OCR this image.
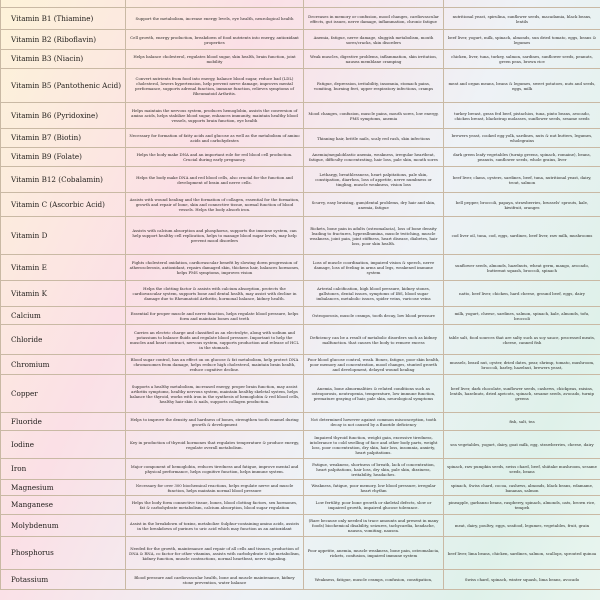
Vitamin B1 (Thiamine)	Support the metabolism, increase energy levels, eye health, neurological health	Decreases in memory or confusion, mood changes, cardiovascular effects, gut issues, nerve damage, inflammation, chronic fatigue	nutritional yeast, spirulina, sunflower seeds, macadamia, black beans, lentils
Vitamin B2 (Riboflavin)	Cell growth, energy production, breakdown of food nutrients into energy, antioxidant properties	Anemia, fatigue, nerve damage, sluggish metabolism, mouth sores/cracks, skin disorders	beef liver, yogurt, milk, spinach, almonds, sun dried tomato, eggs, beans & legumes
Vitamin B3 (Niacin)	Helps balance cholesterol, regulates blood sugar, skin health, brain function, joint mobility	Weak muscles, digestive problems, inflammation, skin irritation, nausea memblane cramping	chicken, liver, tuna, turkey, salmon, sardines, sunflower seeds, peanuts, green peas, brown rice
Vitamin B5 (Pantothenic Acid)	Convert nutrients from food into energy, balance blood sugar, reduce bad (LDL) cholesterol, lowers hypertension, help prevent nerve damage, improves mental performance, supports adrenal function, immune function, relieves symptoms of Rheumatoid Arthritis.	Fatigue, depression, irritability, insomnia, stomach pains, vomiting, burning feet, upper respiratory infections, cramps	meat and organ means, beans & legumes, sweet potatoes, nuts and seeds, eggs, milk
Vitamin B6 (Pyridoxine)	Helps maintain the nervous system, produces hemoglobin, assists the conversion of amino acids, helps stabilize blood sugar, enhances immunity, maintain healthy blood vessels, supports brain function, eye health	Mood changes, confusion, muscle pains, mouth sores, low energy, PMS symptoms, anemia	turkey breast, grass fed beef, pistachios, tuna, pinto beans, avocado, chicken breast, blackstrap molasses, sunflower seeds, sesame seeds
Vitamin B7 (Biotin)	Necessary for formation of fatty acids and glucose as well as the metabolism of amino acids and carbohydrates	Thinning hair, brittle nails, scaly red rash, skin infections	brewers yeast, cooked egg yolk, sardines, nuts & nut butters, legumes, wholegrains
Vitamin B9 (Folate)	Helps the body make DNA and an important role for red blood cell production. Crucial during early pregnancy.	Anemia/megaloblastic anemia, weakness, irregular heartbeat, fatigue, difficulty concentrating, hair loss, pale skin, mouth sores	dark green leafy vegetables (turnip greens, spinach, romaine), beans, peanuts, sunflower seeds, whole grains, liver
Vitamin B12 (Cobalamin)	Helps the body make DNA and red blood cells, also crucial for the function and development of brain and nerve cells.	Lethargy, breathlessness, heart palpitations, pale skin, constipation, diarrhea, loss of appetite, nerve numbness or tingling, muscle weakness, vision loss	beef liver, clams, oysters, sardines, beef, tuna, nutritional yeast, dairy, trout, salmon
Vitamin C (Ascorbic Acid)	Assists with wound healing and the formation of collagen, essential for the formation, growth and repair of bone, skin and connective tissue, normal function of blood vessels. Helps the body absorb iron.	Scurvy, easy bruising, gum/dental problems, dry hair and skin, anemia, fatigue	bell pepper, broccoli, papaya, strawberries, brussels' sprouts, kale, kiwifruit, oranges
Vitamin D	Assists with calcium absorption and phosphorus, supports the immune system, can help support healthy cell replication, helps to manage blood sugar levels, may help prevent mood disorders	Rickets, bone pain in adults (osteomalacia), loss of bone density leading to fractures, hyperalbumina, muscle twitching, muscle weakness, joint pain, joint stiffness, heart disease, diabetes, hair loss, poor skin health.	cod liver oil, tuna, cod, eggs, sardines, beef liver, raw milk, mushrooms
Vitamin E	Fights cholesterol oxidation, cardiovascular benefit by slowing down progression of atherosclerosis, antioxidant, repairs damaged skin, thickens hair, balances hormones, helps PMS symptoms, improves vision	Loss of muscle coordination, impaired vision & speech, nerve damage, loss of feeling in arms and legs, weakened immune system	sunflower seeds, almonds, hazelnuts, wheat germ, mango, avocado, butternut squash, broccoli, spinach
Vitamin K	Helps the clotting factor & assists with calcium absorption, protects the cardiovascular system, supports bone and dental health, may assist with decline in damage due to Rheumatoid Arthritis, hormonal balance, kidney health.	Arterial calcification, high blood pressure, kidney stones, gallstones, dental issues, symptoms of IBS, blood sugar imbalances, metabolic issues, spider veins, varicose veins	natto, beef liver, chicken, hard cheese, ground beef, eggs, dairy
Calcium	Essential for proper muscle and nerve function, helps regulate blood pressure, helps form and maintain bones and teeth	Osteoporosis, muscle cramps, tooth decay, low blood pressure	milk, yogurt, cheese, sardines, salmon, spinach, kale, almonds, tofu, broccoli
Chloride	Carries an electric charge and classified as an electrolyte, along with sodium and potassium to balance fluids and regulate blood pressure. Important to help the muscles and heart contract, nervous system, supports production and release of HCL in the stomach.	Deficiency can be a result of metabolic disorders such as kidney malfunction. that causes the body to remove excess	table salt, food sources that are salty such as soy sauce, processed meats, cheese, canned fish
Chromium	Blood sugar control, has an effect on on glucose & fat metabolism, help protect DNA chromosomes from damage, helps reduce high cholesterol, maintain brain health, reduce cognitive decline.	Poor blood glucose control, weak. Bones, fatigue, poor skin health, poor memory and concentration, mood changes, stunted growth and development, delayed wound healing	mussels, brazil nut, oyster, dried dates, pear, shrimp, tomato, mushroom, broccoli, barley, hazelnut, brewers yeast,
Copper	Supports a healthy metabolism, increased energy, proper brain function, may assist arthritis symptoms, healthy nervous system, maintain healthy skeletal system, helps balance the thyroid, works with iron in the synthesis of hemoglobin & red blood cells, healthy hair skin & nails, supports collagen production.	Anemia, bone abnormalities & related conditions such as osteoporosis, neutropenia, temperature, low immune function, premature graying of hair, pale skin, neurological symptoms	beef liver, dark chocolate, sunflower seeds, cashews, chickpeas, raisins, lentils, hazelnuts, dried apricots, spinach, sesame seeds, avocado, turnip greens
Fluoride	Helps to improve the density and hardness of bones, strengthen tooth enamel during growth & development	Not determined however against common misconception, tooth decay is not caused by a fluoride deficiency	fish, salt, tea
Iodine	Key in production of thyroid hormones that regulates temperature & produce energy, regulate overall metabolism.	Impaired thyroid function, weight gain, excessive tiredness, intolerance to cold swelling of face and other body parts, weight loss, poor concentration, dry skin, hair loss, insomnia, anxiety, heart palpitations.	sea vegetables, yogurt, dairy, goat milk, egg, strawberries, cheese, dairy
Iron	Major component of hemoglobin, reduces tiredness and fatigue, improve mental and physical performance, helps cognitive function, helps immune system.	Fatigue, weakness, shortness of breath, lack of concentration, heart palpitations, hair loss, dry skin, pale skin, dizziness, irritability, headaches.	spinach, raw pumpkin seeds, swiss chard, beef, shiitake mushroom, sesame seeds, beans
Magnesium	Necessary for over 300 biochemical reactions, helps regulate nerve and muscle function, helps maintain normal blood pressure	Weakness, fatigue, poor memory, low blood pressure, irregular heart rhythm	spinach, Swiss chard, cocoa, cashews, almonds, black beans, edamame, bananas, salmon
Manganese	Helps the body form connective tissue, bones, blood clotting factors, sex hormones, fat & carbohydrate metabolism, calcium absorption, blood sugar regulation	Low fertility, poor bone growth or skeletal defects, slow or impaired growth, impaired glucose tolerance.	pineapple, garbanzo beans, raspberry, spinach, almonds, oats, brown rice, tempeh
Molybdenum	Assist in the breakdown of toxins, metabolize Sulphur-containing amino acids, assists in the breakdown of purines to uric acid which may function as an antioxidant	(Rare because only needed in trace amounts and present in many foods) biochemical disability, seizures, tachycardia, headache, nausea, vomiting, nausea.	meat, dairy, poultry, eggs, seafood, legumes, vegetables, fruit, grain
Phosphorus	Needed for the growth, maintenance and repair of all cells and tissues, production of DNA & RNA, co factor for other vitamins, assists with carbohydrate & fat metabolism, kidney function, muscle contractions, normal heartbeat, nerve signaling.	Poor appetite, anemia, muscle weakness, bone pain, osteomalacia, rickets, confusion, impaired immune system	beef liver, lima beans, chicken, sardines, salmon, scallops, sprouted quinoa
Potassium	Blood pressure and cardiovascular health, bone and muscle maintenance, kidney stone prevention, water balance	Weakness, fatigue, muscle cramps, confusion, constipation,	Swiss chard, spinach, winter squash, lima beans, avocado
